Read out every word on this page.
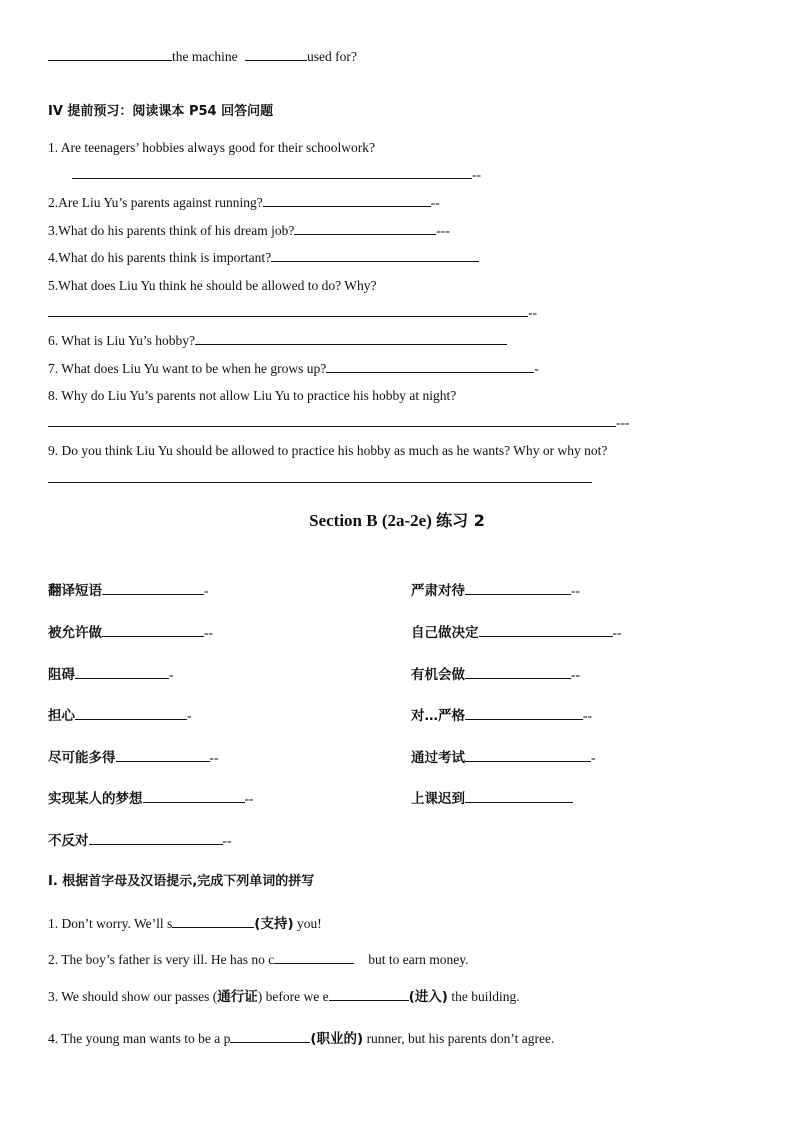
the machine	used for?
IV 提前预习：阅读课本 P54 回答问题
1. Are teenagers’ hobbies always good for their schoolwork?
--
2.Are Liu Yu’s parents against running?	--
3.What do his parents think of his dream job?	---
4.What do his parents think is important?
5.What does Liu Yu think he should be allowed to do? Why?
--
6. What is Liu Yu’s hobby?
7. What does Liu Yu want to be when he grows up?	-
8. Why do Liu Yu’s parents not allow Liu Yu to practice his hobby at night?
---
9. Do you think Liu Yu should be allowed to practice his hobby as much as he wants? Why or why not?
Section B (2a-2e) 练习 2
翻译短语	-	严肃对待	--
被允许做	--	自己做决定	--
阻碍	-	有机会做	--
担心	-	对…严格	--
尽可能多得	--	通过考试	-
实现某人的梦想	--	上课迟到
不反对	--
Ⅰ. 根据首字母及汉语提示,完成下列单词的拼写
1. Don’t worry. We’ll s	(支持) you!
2. The boy’s father is very ill. He has no c	but to earn money.
3. We should show our passes (通行证) before we e	(进入) the building.
4. The young man wants to be a p	(职业的) runner, but his parents don’t agree.
